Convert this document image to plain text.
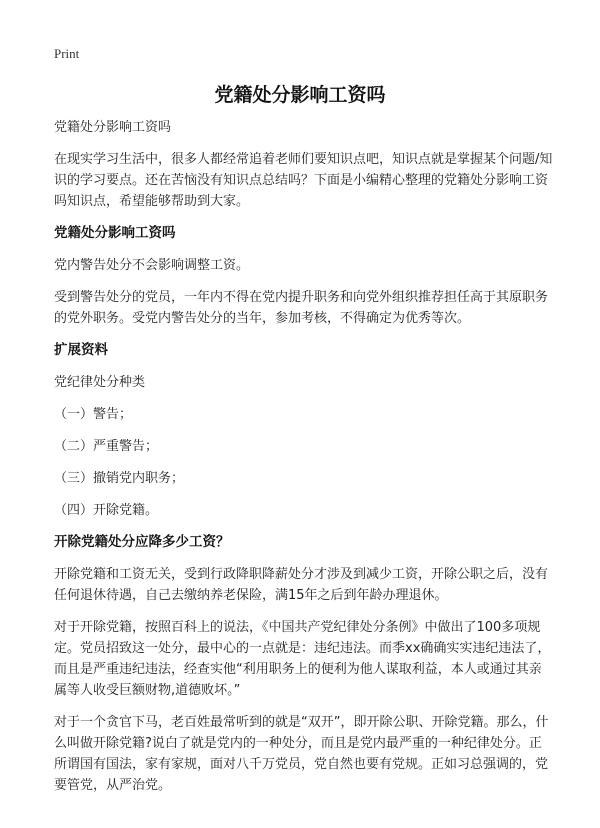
Print
党籍处分影响工资吗

党籍处分影响工资吗

在现实学习生活中，很多人都经常追着老师们要知识点吧，知识点就是掌握某个问题/知识的学习要点。还在苦恼没有知识点总结吗？下面是小编精心整理的党籍处分影响工资吗知识点，希望能够帮助到大家。

党籍处分影响工资吗

党内警告处分不会影响调整工资。

受到警告处分的党员，一年内不得在党内提升职务和向党外组织推荐担任高于其原职务的党外职务。受党内警告处分的当年，参加考核，不得确定为优秀等次。

扩展资料

党纪律处分种类

（一）警告；

（二）严重警告；

（三）撤销党内职务；

（四）开除党籍。

开除党籍处分应降多少工资？

开除党籍和工资无关，受到行政降职降薪处分才涉及到减少工资，开除公职之后，没有任何退休待遇，自己去缴纳养老保险，满15年之后到年龄办理退休。

对于开除党籍，按照百科上的说法，《中国共产党纪律处分条例》中做出了100多项规定。党员招致这一处分，最中心的一点就是：违纪违法。而季xx确确实实违纪违法了，而且是严重违纪违法，经查实他“利用职务上的便利为他人谋取利益，本人或通过其亲属等人收受巨额财物,道德败坏。”

对于一个贪官下马，老百姓最常听到的就是“双开”，即开除公职、开除党籍。那么，什么叫做开除党籍?说白了就是党内的一种处分，而且是党内最严重的一种纪律处分。正所谓国有国法，家有家规，面对八千万党员，党自然也要有党规。正如习总强调的，党要管党，从严治党。
